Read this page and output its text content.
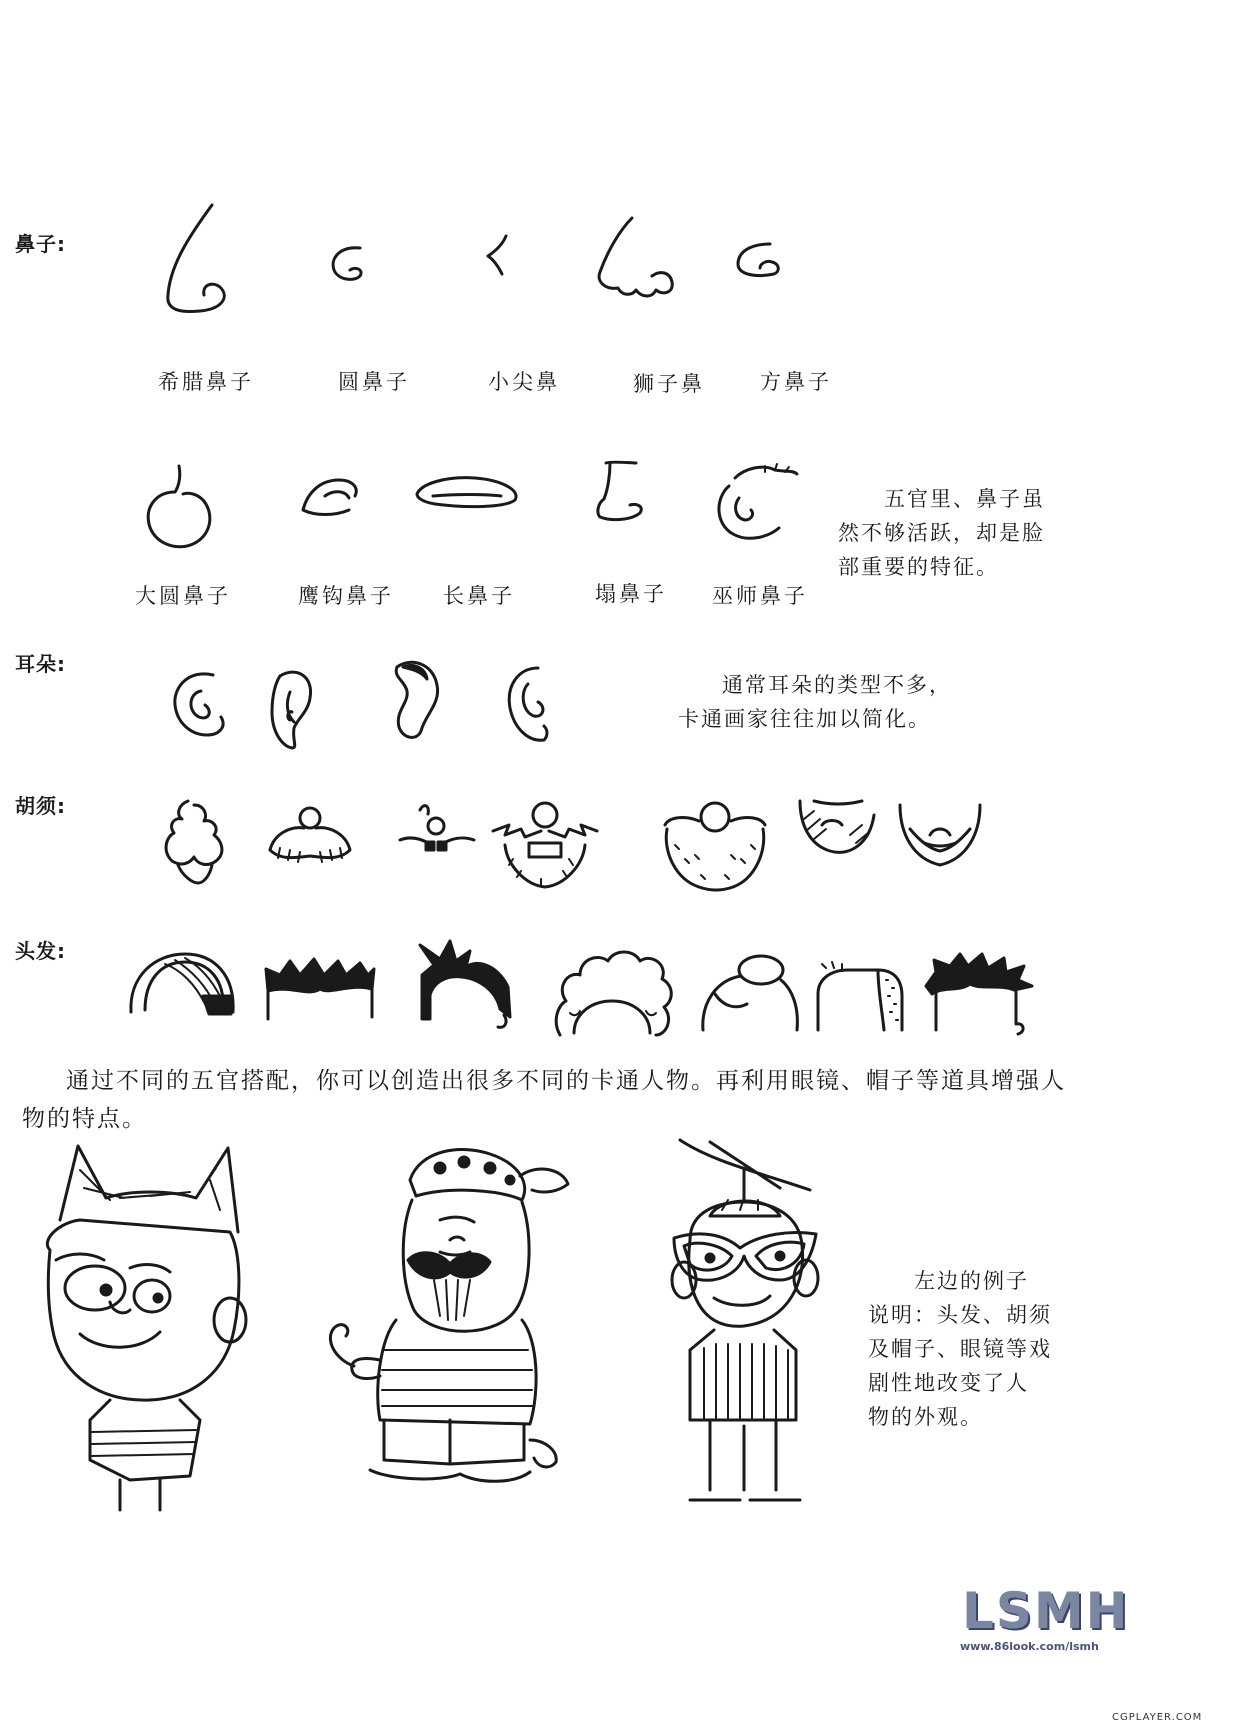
鼻子:
希腊鼻子	圆鼻子	小尖鼻	狮子鼻	方鼻子
大圆鼻子	鹰钩鼻子 长鼻子	塌鼻子 巫师鼻子
五官里、鼻子虽
然不够活跃，却是脸
部重要的特征。
耳朵:
通常耳朵的类型不多，
卡通画家往往加以简化。
胡须:
头发:
通过不同的五官搭配，你可以创造出很多不同的卡通人物。再利用眼镜、帽子等道具增强人
物的特点。
左边的例子
说明：头发、胡须
及帽子、眼镜等戏
剧性地改变了人
物的外观。
LSMH
www.86look.com/lsmh
CGPLAYER.COM
